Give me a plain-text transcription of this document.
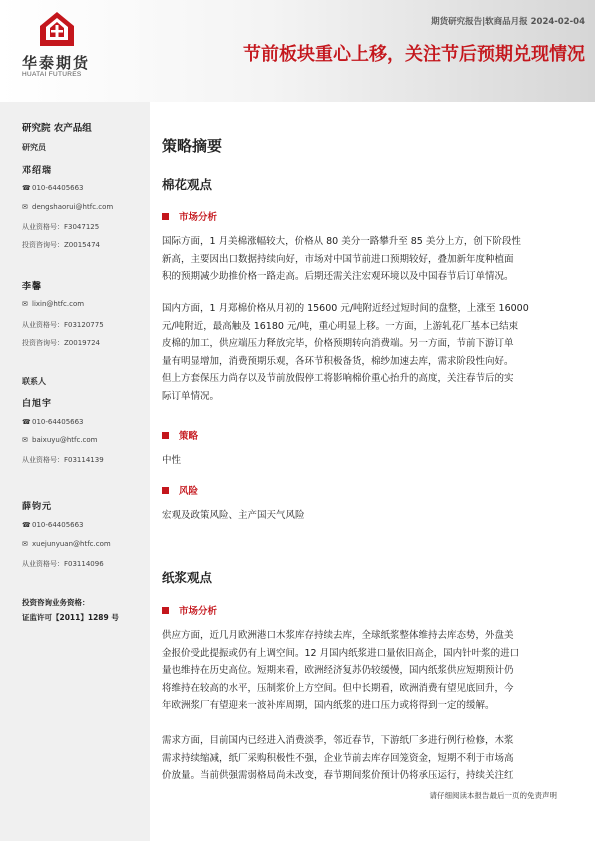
华泰期货
HUATAI FUTURES
期货研究报告|软商品月报 2024-02-04
节前板块重心上移，关注节后预期兑现情况
研究院 农产品组
研究员
邓绍瑞
☎010-64405663
✉ dengshaorui@htfc.com
从业资格号：F3047125
投资咨询号：Z0015474
李馨
✉ lixin@htfc.com
从业资格号：F03120775
投资咨询号：Z0019724
联系人
白旭宇
☎010-64405663
✉ baixuyu@htfc.com
从业资格号：F03114139
薛钧元
☎010-64405663
✉ xuejunyuan@htfc.com
从业资格号：F03114096
投资咨询业务资格：
证监许可【2011】1289 号
策略摘要
棉花观点
市场分析
国际方面，1 月美棉涨幅较大，价格从 80 美分一路攀升至 85 美分上方，创下阶段性
新高，主要因出口数据持续向好，市场对中国节前进口预期较好，叠加新年度种植面
积的预期减少助推价格一路走高。后期还需关注宏观环境以及中国春节后订单情况。
国内方面，1 月郑棉价格从月初的 15600 元/吨附近经过短时间的盘整，上涨至 16000
元/吨附近，最高触及 16180 元/吨，重心明显上移。一方面，上游轧花厂基本已结束
皮棉的加工，供应端压力释放完毕，价格预期转向消费端。另一方面，节前下游订单
量有明显增加，消费预期乐观，各环节积极备货，棉纱加速去库，需求阶段性向好。
但上方套保压力尚存以及节前放假停工将影响棉价重心抬升的高度，关注春节后的实
际订单情况。
策略
中性
风险
宏观及政策风险、主产国天气风险
纸浆观点
市场分析
供应方面，近几月欧洲港口木浆库存持续去库，全球纸浆整体维持去库态势，外盘美
金报价受此提振或仍有上调空间。12 月国内纸浆进口量依旧高企，国内针叶浆的进口
量也维持在历史高位。短期来看，欧洲经济复苏仍较缓慢，国内纸浆供应短期预计仍
将维持在较高的水平，压制浆价上方空间。但中长期看，欧洲消费有望见底回升，今
年欧洲浆厂有望迎来一波补库周期，国内纸浆的进口压力或将得到一定的缓解。
需求方面，目前国内已经进入消费淡季，邻近春节，下游纸厂多进行例行检修，木浆
需求持续缩减，纸厂采购积极性不强，企业节前去库存回笼资金，短期不利于市场高
价放量。当前供强需弱格局尚未改变，春节期间浆价预计仍将承压运行，持续关注红
请仔细阅读本报告最后一页的免责声明
